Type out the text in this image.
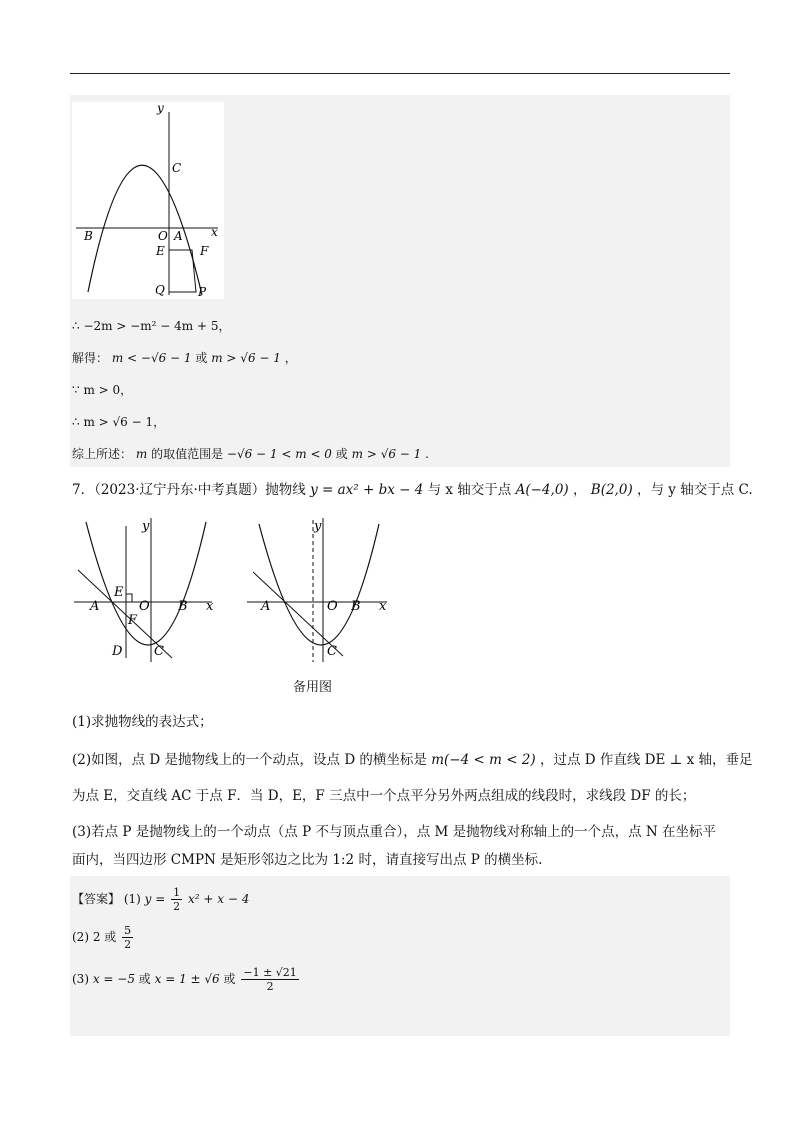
y
x
C
B	O A
E	F
Q	P
∴ −2m > −m² − 4m + 5，
解得： m < −√6 − 1 或 m > √6 − 1 ，
∵ m > 0，
∴ m > √6 − 1，
综上所述： m 的取值范围是 −√6 − 1 < m < 0 或 m > √6 − 1 .
7．（2023·辽宁丹东·中考真题）抛物线 y = ax² + bx − 4 与 x 轴交于点 A(−4,0) ， B(2,0) ，与 y 轴交于点 C.
y
E
A	O B x
F
D C
y
A	O B x
C
备用图
(1)求抛物线的表达式；
(2)如图，点 D 是抛物线上的一个动点，设点 D 的横坐标是 m(−4 < m < 2) ，过点 D 作直线 DE ⊥ x 轴，垂足
为点 E，交直线 AC 于点 F．当 D，E，F 三点中一个点平分另外两点组成的线段时，求线段 DF 的长；
(3)若点 P 是抛物线上的一个动点（点 P 不与顶点重合），点 M 是抛物线对称轴上的一个点，点 N 在坐标平
面内，当四边形 CMPN 是矩形邻边之比为 1:2 时，请直接写出点 P 的横坐标.
【答案】 (1) $y = \frac{1}{2} x^2 + x - 4$
(2) 2 或 $\frac{5}{2}$
(3) x = −5 或 x = 1 ± √6 或 $\frac{-1 \pm √21}{2}$
